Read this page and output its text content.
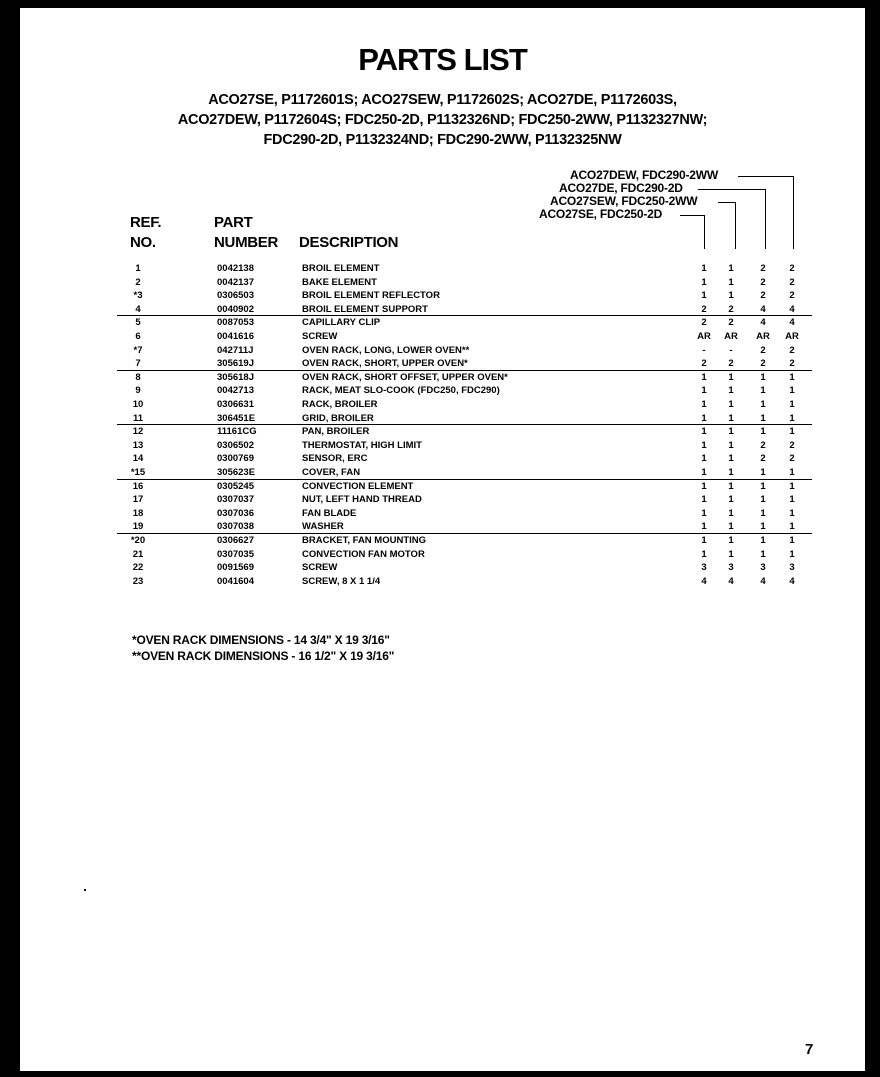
PARTS LIST
ACO27SE, P1172601S; ACO27SEW, P1172602S; ACO27DE, P1172603S,
ACO27DEW, P1172604S; FDC250-2D, P1132326ND; FDC250-2WW, P1132327NW;
FDC290-2D, P1132324ND; FDC290-2WW, P1132325NW
ACO27SE, FDC250-2D
ACO27SEW, FDC250-2WW
ACO27DE, FDC290-2D
ACO27DEW, FDC290-2WW
REF.
NO.
PART
NUMBER DESCRIPTION
1	0042138	BROIL ELEMENT	1	1	2	2
2	0042137	BAKE ELEMENT	1	1	2	2
*3	0306503	BROIL ELEMENT REFLECTOR	1	1	2	2
4	0040902	BROIL ELEMENT SUPPORT	2	2	4	4
5	0087053	CAPILLARY CLIP	2	2	4	4
6	0041616	SCREW	AR	AR	AR	AR
*7	042711J	OVEN RACK, LONG, LOWER OVEN**	-	-	2	2
7	305619J	OVEN RACK, SHORT, UPPER OVEN*	2	2	2	2
8	305618J	OVEN RACK, SHORT OFFSET, UPPER OVEN*	1	1	1	1
9	0042713	RACK, MEAT SLO-COOK (FDC250, FDC290)	1	1	1	1
10	0306631	RACK, BROILER	1	1	1	1
11	306451E	GRID, BROILER	1	1	1	1
12	11161CG	PAN, BROILER	1	1	1	1
13	0306502	THERMOSTAT, HIGH LIMIT	1	1	2	2
14	0300769	SENSOR, ERC	1	1	2	2
*15	305623E	COVER, FAN	1	1	1	1
16	0305245	CONVECTION ELEMENT	1	1	1	1
17	0307037	NUT, LEFT HAND THREAD	1	1	1	1
18	0307036	FAN BLADE	1	1	1	1
19	0307038	WASHER	1	1	1	1
*20	0306627	BRACKET, FAN MOUNTING	1	1	1	1
21	0307035	CONVECTION FAN MOTOR	1	1	1	1
22	0091569	SCREW	3	3	3	3
23	0041604	SCREW, 8 X 1 1/4	4	4	4	4
*OVEN RACK DIMENSIONS - 14 3/4" X 19 3/16"
**OVEN RACK DIMENSIONS - 16 1/2" X 19 3/16"
7
